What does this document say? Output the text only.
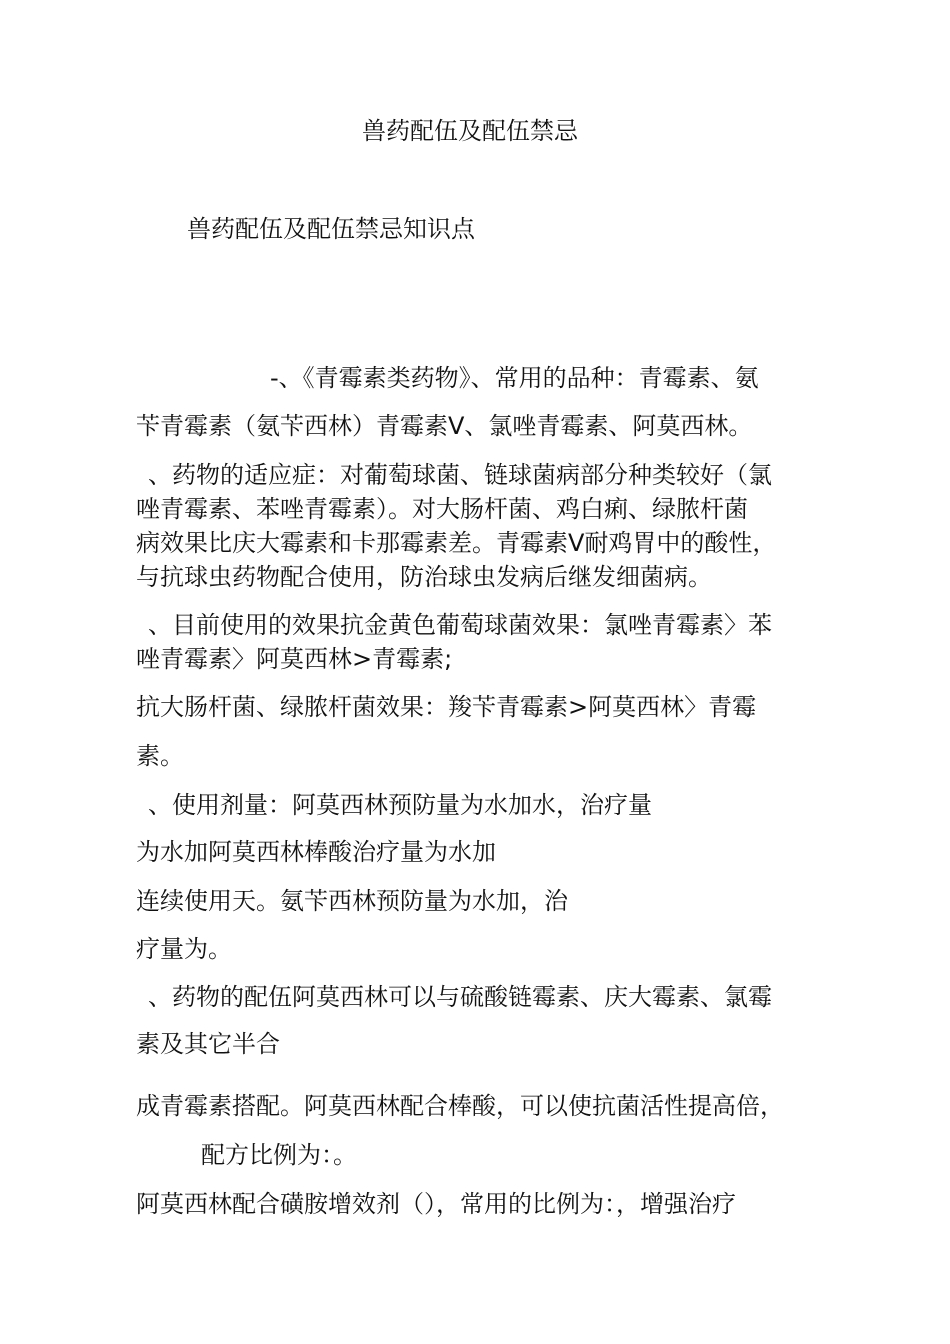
兽药配伍及配伍禁忌
兽药配伍及配伍禁忌知识点
-、《青霉素类药物》、常用的品种：青霉素、氨
苄青霉素（氨苄西林）青霉素V、氯唑青霉素、阿莫西林。
、药物的适应症：对葡萄球菌、链球菌病部分种类较好（氯
唑青霉素、苯唑青霉素）。对大肠杆菌、鸡白痢、绿脓杆菌
病效果比庆大霉素和卡那霉素差。青霉素V耐鸡胃中的酸性，
与抗球虫药物配合使用，防治球虫发病后继发细菌病。
、目前使用的效果抗金黄色葡萄球菌效果：氯唑青霉素〉苯
唑青霉素〉阿莫西林>青霉素;
抗大肠杆菌、绿脓杆菌效果：羧苄青霉素>阿莫西林〉青霉
素。
、使用剂量：阿莫西林预防量为水加水，治疗量
为水加阿莫西林棒酸治疗量为水加
连续使用天。氨苄西林预防量为水加，治
疗量为。
、药物的配伍阿莫西林可以与硫酸链霉素、庆大霉素、氯霉
素及其它半合
成青霉素搭配。阿莫西林配合棒酸，可以使抗菌活性提高倍，
配方比例为：。
阿莫西林配合磺胺增效剂（），常用的比例为：，增强治疗
